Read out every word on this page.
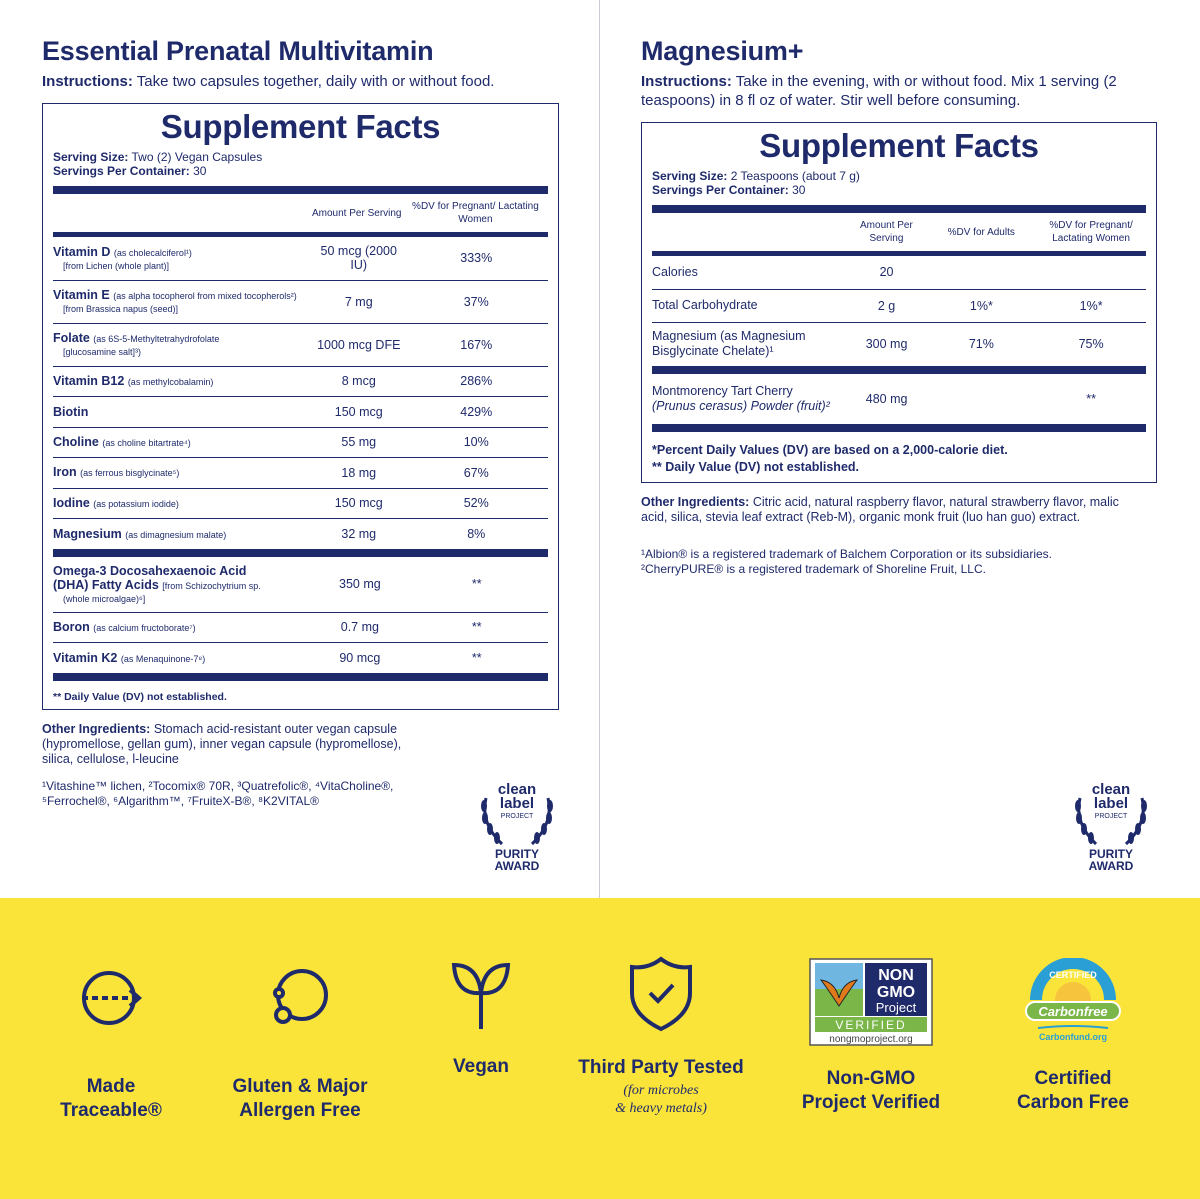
Essential Prenatal Multivitamin
Instructions: Take two capsules together, daily with or without food.
Supplement Facts
Serving Size: Two (2) Vegan Capsules
Servings Per Container: 30
	Amount Per Serving	%DV for Pregnant/ Lactating Women
Vitamin D (as cholecalciferol¹)
[from Lichen (whole plant)]	50 mcg (2000 IU)	333%

Vitamin E (as alpha tocopherol from mixed tocopherols²)
[from Brassica napus (seed)]	7 mg	37%

Folate (as 6S-5-Methyltetrahydrofolate
[glucosamine salt]³)	1000 mcg DFE	167%

Vitamin B12 (as methylcobalamin)	8 mcg	286%

Biotin	150 mcg	429%

Choline (as choline bitartrate⁴)	55 mg	10%

Iron (as ferrous bisglycinate⁵)	18 mg	67%

Iodine (as potassium iodide)	150 mcg	52%

Magnesium (as dimagnesium malate)	32 mg	8%
Omega-3 Docosahexaenoic Acid
(DHA) Fatty Acids [from Schizochytrium sp.
(whole microalgae)⁶]	350 mg	**

Boron (as calcium fructoborate⁷)	0.7 mg	**

Vitamin K2 (as Menaquinone-7⁸)	90 mcg	**
** Daily Value (DV) not established.
Other Ingredients: Stomach acid-resistant outer vegan capsule (hypromellose, gellan gum), inner vegan capsule (hypromellose), silica, cellulose, l-leucine
¹Vitashine™ lichen, ²Tocomix® 70R, ³Quatrefolic®, ⁴VitaCholine®,
⁵Ferrochel®, ⁶Algarithm™, ⁷FruiteX-B®, ⁸K2VITAL®
Magnesium+
Instructions: Take in the evening, with or without food. Mix 1 serving (2 teaspoons) in 8 fl oz of water. Stir well before consuming.
Supplement Facts
Serving Size: 2 Teaspoons (about 7 g)
Servings Per Container: 30
	Amount Per Serving	%DV for Adults	%DV for Pregnant/ Lactating Women
Calories	20		

Total Carbohydrate	2 g	1%*	1%*

Magnesium (as Magnesium
Bisglycinate Chelate)¹	300 mg	71%	75%
Montmorency Tart Cherry
(Prunus cerasus) Powder (fruit)²	480 mg		**
*Percent Daily Values (DV) are based on a 2,000-calorie diet.
** Daily Value (DV) not established.
Other Ingredients: Citric acid, natural raspberry flavor, natural strawberry flavor, malic acid, silica, stevia leaf extract (Reb-M), organic monk fruit (luo han guo) extract.
¹Albion® is a registered trademark of Balchem Corporation or its subsidiaries.
²CherryPURE® is a registered trademark of Shoreline Fruit, LLC.
clean
label
PROJECT
PURITY
AWARD
clean
label
PROJECT
PURITY
AWARD
Made
Traceable®
Gluten & Major
Allergen Free
Vegan	Third Party Tested
(for microbes
& heavy metals)
NON
GMO
Project
VERIFIED
nongmoproject.org
Non-GMO
Project Verified
CERTIFIED
Carbonfree
Carbonfund.org
Certified
Carbon Free
